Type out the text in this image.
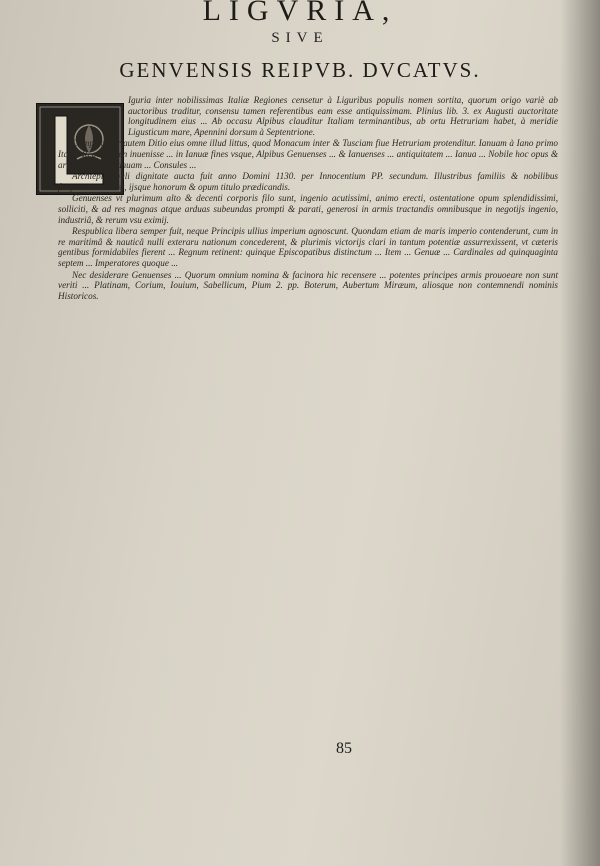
LIGVRIA,
SIVE
GENVENSIS REIPVB. DVCATVS.

Iguria inter nobilissimas Italiæ Regiones censetur à Liguribus populis nomen sortita, quorum origo variè ab auctoribus traditur, consensu tamen referentibus eam esse antiquissimam. Plinius lib. 3. ex Augusti auctoritate longitudinem eius ... Ab occasu Alpibus clauditur Italiam terminantibus, ab ortu Hetruriam habet, à meridie Ligusticum mare, Apennini dorsum à Septentrione.

Complectitur autem Ditio eius omne illud littus, quod Monacum inter & Tusciam fiue Hetruriam protenditur. Ianuam à Iano primo Italiæ Rege nomen inuenisse ... in Ianuæ fines vsque, Alpibus Genuenses ... & Ianuenses ... antiquitatem ... Ianua ... Nobile hoc opus & artificiosum ... Ianuam ... Consules ...

Archiepiscopali dignitate aucta fuit anno Domini 1130. per Innocentium PP. secundum. Illustribus familiis & nobilibus frequentissima est, ijsque honorum & opum titulo prædicandis.

Genuenses vt plurimum alto & decenti corporis filo sunt, ingenio acutissimi, animo erecti, ostentatione opum splendidissimi, solliciti, & ad res magnas atque arduas subeundas prompti & parati, generosi in armis tractandis omnibusque in negotijs ingenio, industriâ, & rerum vsu eximij.

Respublica libera semper fuit, neque Principis ullius imperium agnoscunt. Quondam etiam de maris imperio contenderunt, cum in re maritimâ & nauticâ nulli exteraru nationum concederent, & plurimis victorijs clari in tantum potentiæ assurrexissent, vt cæteris gentibus formidabiles fierent ... Regnum retinent: quinque Episcopatibus distinctum ... Item ... Genuæ ... Cardinales ad quinquaginta septem ... Imperatores quoque ...

Nec desiderare Genuenses ... Quorum omnium nomina & facinora hic recensere ... potentes principes armis prouoeare non sunt veriti ... Platinam, Corium, Iouium, Sabellicum, Pium 2. pp. Boterum, Aubertum Miræum, aliosque non contemnendi nominis Historicos.

85
